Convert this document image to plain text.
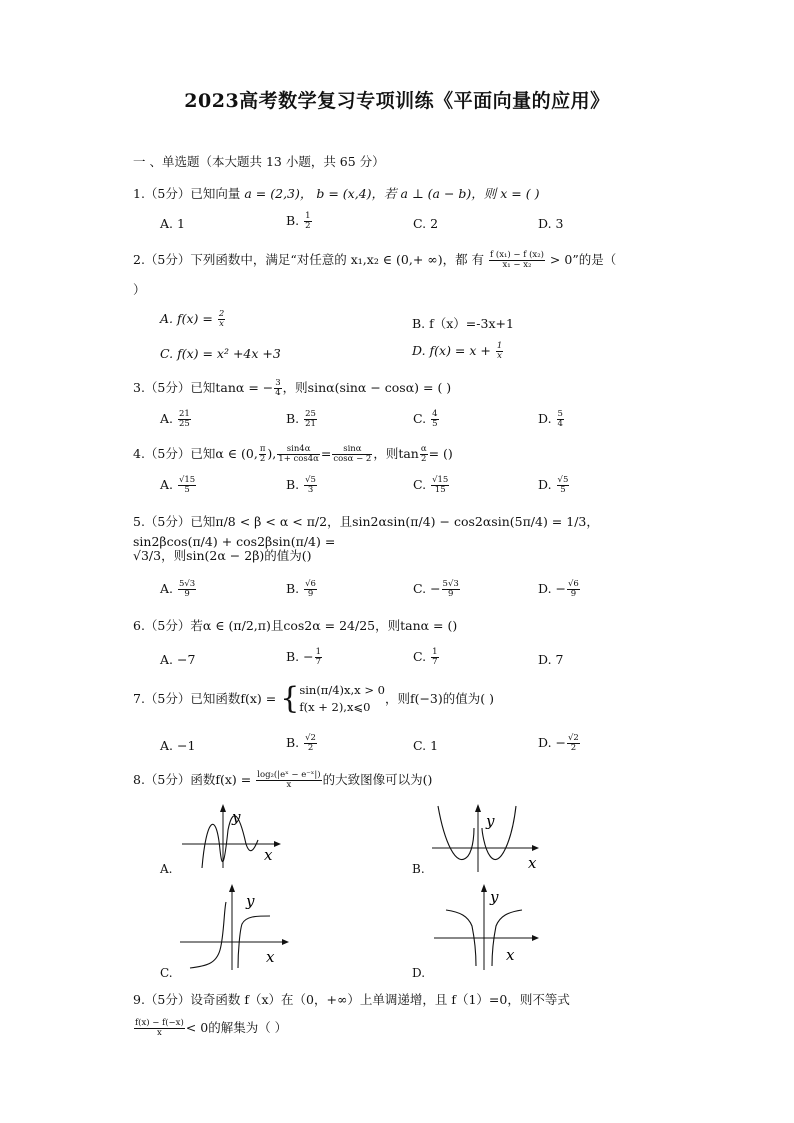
2023高考数学复习专项训练《平面向量的应用》
一 、单选题（本大题共 13 小题，共 65 分）
1.（5分）已知向量 a = (2,3)， b = (x,4)，若 a ⊥ (a − b)，则 x = ( )
A. 1	B. $\frac{1}{2}$	C. 2	D. 3
2.（5分）下列函数中，满足“对任意的 x₁,x₂ ∈ (0,+ ∞)，都 有 $\frac{\text{f (x₁) − f (x₂)}}{\text{x₁ − x₂}} > 0$”的是（
）
A. $f(x) = \frac{2}{x}$	B. f（x）=-3x+1
C. f(x) = x² +4x +3	D. $f(x) = x + \frac{1}{x}$
3.（5分）已知tanα = − $\frac{3}{4}$ ，则sinα(sinα − cosα) = ( )
A. $\frac{21}{25}$	B. $\frac{25}{21}$	C. $\frac{4}{5}$	D. $\frac{5}{4}$
4.（5分）已知α ∈ (0, $\frac{\pi}{2}$ ), $\frac{\sin 4\alpha}{1+ \cos 4\alpha} = \frac{\sin\alpha}{\cos\alpha - 2}$ ，则$\tan \frac{\alpha}{2}$ = ()
A. $\frac{√15}{5}$	B. $\frac{√5}{3}$	C. $\frac{√15}{15}$	D. $\frac{√5}{5}$
5.（5分）已知π/8 < β < α < π/2，且sin2αsin(π/4) − cos2αsin(5π/4) = 1/3，sin2βcos(π/4) + cos2βsin(π/4) =
√3/3，则sin(2α − 2β)的值为()
A. $\frac{5√3}{9}$	B. $\frac{√6}{9}$	C. − $\frac{5√3}{9}$	D. − $\frac{√6}{9}$
6.（5分）若α ∈ (π/2,π)且cos2α = 24/25，则tanα = ()
A. −7	B. − $\frac{1}{7}$	C. $\frac{1}{7}$	D. 7
7.（5分）已知函数f(x) = { sin(π/4)x,x > 0
f(x + 2),x⩽0
，则f(−3)的值为( )
A. −1	B. $\frac{√2}{2}$	C. 1	D. − $\frac{√2}{2}$
8.（5分）函数$f(x) = \frac{\text{log₂(|eˣ − e⁻ˣ|)}}{x}$ 的大致图像可以为()
y
x
A.
y
x
B.
y
x
C.
y
x
D.
9.（5分）设奇函数 f（x）在（0，+∞）上单调递增，且 f（1）=0，则不等式
$\frac{f(x) - f(-x)}{x} < 0$的解集为（ ）
